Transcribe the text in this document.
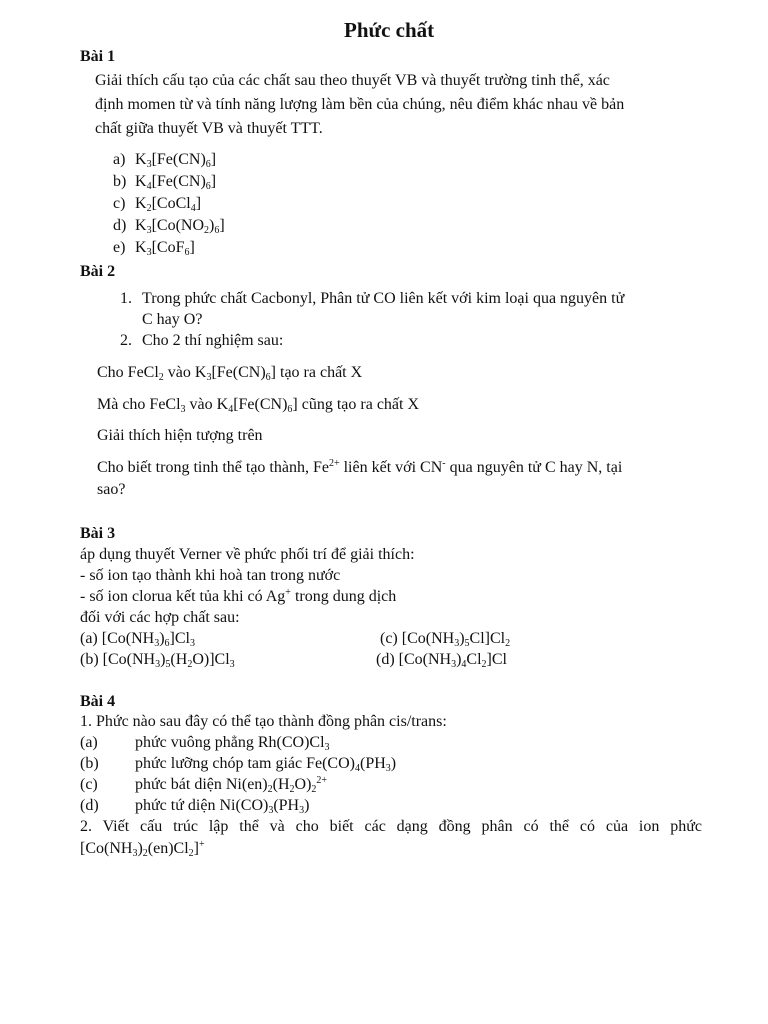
Phức chất
Bài 1
Giải thích cấu tạo của các chất sau theo thuyết VB và thuyết trường tinh thể, xác
định momen từ và tính năng lượng làm bền của chúng, nêu điểm khác nhau về bản
chất giữa thuyết VB và thuyết TTT.
a) $K_3[Fe(CN)_6]$
b) $K_4[Fe(CN)_6]$
c) $K_2[CoCl_4]$
d) $K_3[Co(NO_2)_6]$
e) $K_3[CoF_6]$
Bài 2
1. Trong phức chất Cacbonyl, Phân tử CO liên kết với kim loại qua nguyên tử
C hay O?
2. Cho 2 thí nghiệm sau:
Cho FeCl$_2$ vào $K_3[Fe(CN)_6]$ tạo ra chất X
Mà cho FeCl$_3$ vào $K_4[Fe(CN)_6]$ cũng tạo ra chất X
Giải thích hiện tượng trên
Cho biết trong tinh thể tạo thành, $Fe^{2+}$ liên kết với CN- qua nguyên tử C hay N, tại
sao?
Bài 3
áp dụng thuyết Verner về phức phối trí để giải thích:
- số ion tạo thành khi hoà tan trong nước
- số ion clorua kết tủa khi có Ag+ trong dung dịch
đối với các hợp chất sau:
(a) $[Co(NH_3)_6]Cl_3$	(c) $[Co(NH_3)_5Cl]Cl_2$
(b) $[Co(NH_3)_5(H_2O)]Cl_3$	(d) $[Co(NH_3)_4Cl_2]Cl$
Bài 4
1. Phức nào sau đây có thể tạo thành đồng phân cis/trans:
(a) phức vuông phẳng $Rh(CO)Cl_3$
(b) phức lưỡng chóp tam giác $Fe(CO)_4(PH_3)$
(c) phức bát diện $Ni(en)_2(H_2O)_2^{2+}$
(d) phức tứ diện $Ni(CO)_3(PH_3)$
2. Viết cấu trúc lập thể và cho biết các dạng đồng phân có thể có của ion phức
$[Co(NH_3)_2(en)Cl_2]^+$
